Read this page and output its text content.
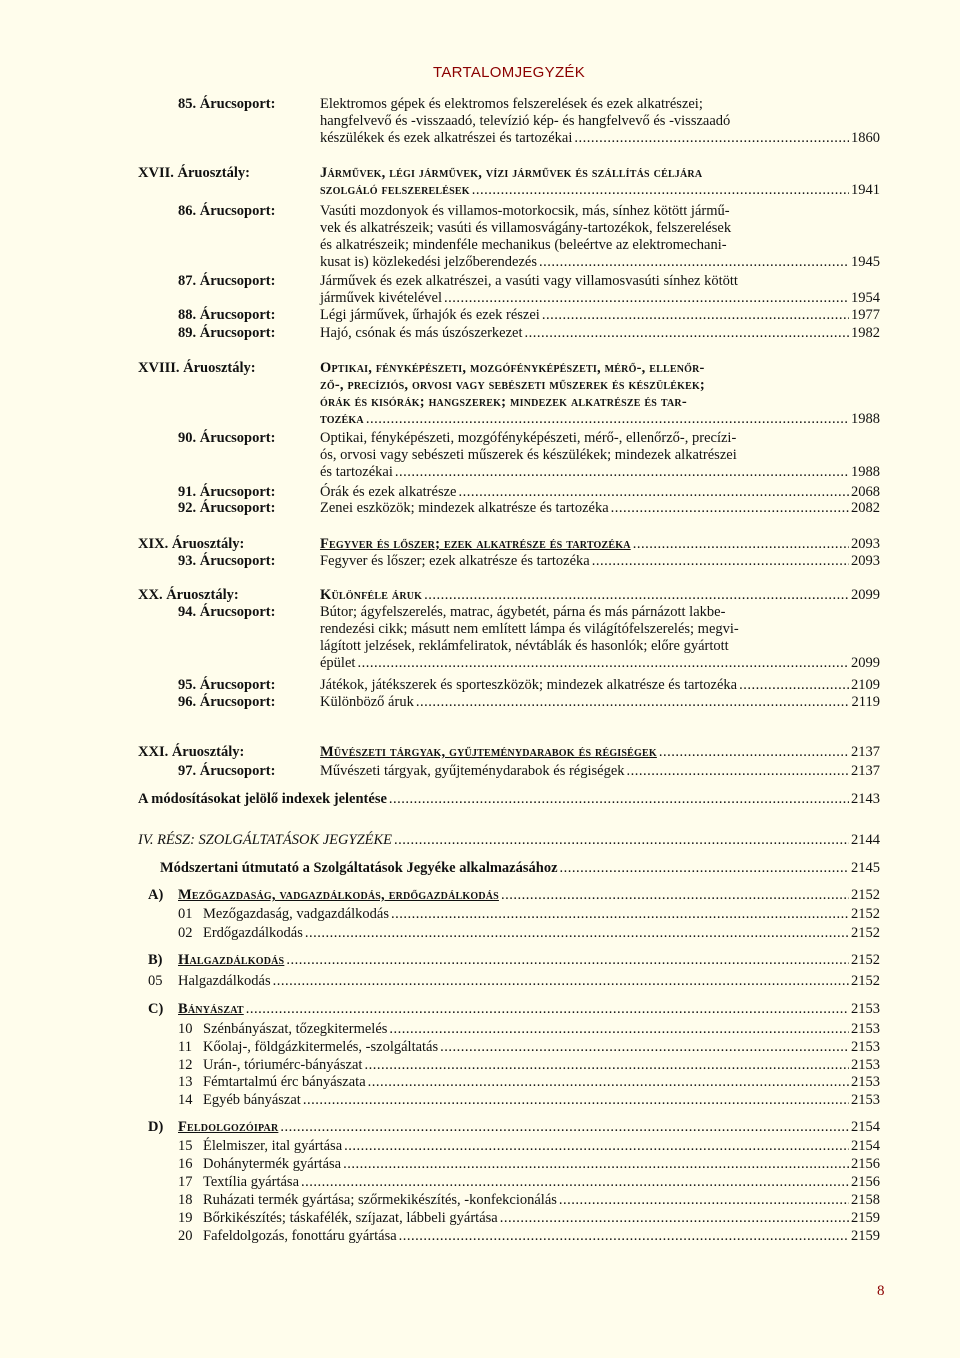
TARTALOMJEGYZÉK
85. Árucsoport:	Elektromos gépek és elektromos felszerelések és ezek alkatrészei;
hangfelvevő és -visszaadó, televízió kép- és hangfelvevő és -visszaadó
készülékek és ezek alkatrészei és tartozékai .....	1860
XVII. Áruosztály:	Járművek, légi járművek, vízi járművek és szállítás céljára
szolgáló felszerelések .....	1941
86. Árucsoport:	Vasúti mozdonyok és villamos-motorkocsik, más, sínhez kötött jármű-
vek és alkatrészeik; vasúti és villamosvágány-tartozékok, felszerelések
és alkatrészeik; mindenféle mechanikus (beleértve az elektromechani-
kusat is) közlekedési jelzőberendezés .....	1945
87. Árucsoport:	Járművek és ezek alkatrészei, a vasúti vagy villamosvasúti sínhez kötött
járművek kivételével .....	1954
88. Árucsoport:	Légi járművek, űrhajók és ezek részei .....	1977
89. Árucsoport:	Hajó, csónak és más úszószerkezet .....	1982
XVIII. Áruosztály:	Optikai, fényképészeti, mozgófényképészeti, mérő-, ellenőr-
ző-, precíziós, orvosi vagy sebészeti műszerek és készülékek;
órák és kisórák; hangszerek; mindezek alkatrésze és tar-
tozéka .....	1988
90. Árucsoport:	Optikai, fényképészeti, mozgófényképészeti, mérő-, ellenőrző-, precízi-
ós, orvosi vagy sebészeti műszerek és készülékek; mindezek alkatrészei
és tartozékai .....	1988
91. Árucsoport:	Órák és ezek alkatrésze .....	2068
92. Árucsoport:	Zenei eszközök; mindezek alkatrésze és tartozéka .....	2082
XIX. Áruosztály:	Fegyver és lőszer; ezek alkatrésze és tartozéka .....	2093
93. Árucsoport:	Fegyver és lőszer; ezek alkatrésze és tartozéka .....	2093
XX. Áruosztály:	Különféle áruk .....	2099
94. Árucsoport:	Bútor; ágyfelszerelés, matrac, ágybetét, párna és más párnázott lakbe-
rendezési cikk; másutt nem említett lámpa és világítófelszerelés; megvi-
lágított jelzések, reklámfeliratok, névtáblák és hasonlók; előre gyártott
épület .....	2099
95. Árucsoport:	Játékok, játékszerek és sporteszközök; mindezek alkatrésze és tartozéka .....	2109
96. Árucsoport:	Különböző áruk .....	2119
XXI. Áruosztály:	Művészeti tárgyak, gyűjteménydarabok és régiségek .....	2137
97. Árucsoport:	Művészeti tárgyak, gyűjteménydarabok és régiségek .....	2137
A módosításokat jelölő indexek jelentése .....	2143
IV. RÉSZ: SZOLGÁLTATÁSOK JEGYZÉKE .....	2144
Módszertani útmutató a Szolgáltatások Jegyéke alkalmazásához .....	2145
A) Mezőgazdaság, vadgazdálkodás, erdőgazdálkodás .....	2152
01 Mezőgazdaság, vadgazdálkodás .....	2152
02 Erdőgazdálkodás .....	2152
B) Halgazdálkodás .....	2152
05 Halgazdálkodás .....	2152
C) Bányászat .....	2153
10 Szénbányászat, tőzegkitermelés .....	2153
11 Kőolaj-, földgázkitermelés, -szolgáltatás .....	2153
12 Urán-, tóriumérc-bányászat .....	2153
13 Fémtartalmú érc bányászata .....	2153
14 Egyéb bányászat .....	2153
D) Feldolgozóipar .....	2154
15 Élelmiszer, ital gyártása .....	2154
16 Dohánytermék gyártása .....	2156
17 Textília gyártása .....	2156
18 Ruházati termék gyártása; szőrmekikészítés, -konfekcionálás .....	2158
19 Bőrkikészítés; táskafélék, szíjazat, lábbeli gyártása .....	2159
20 Fafeldolgozás, fonottáru gyártása .....	2159
8
